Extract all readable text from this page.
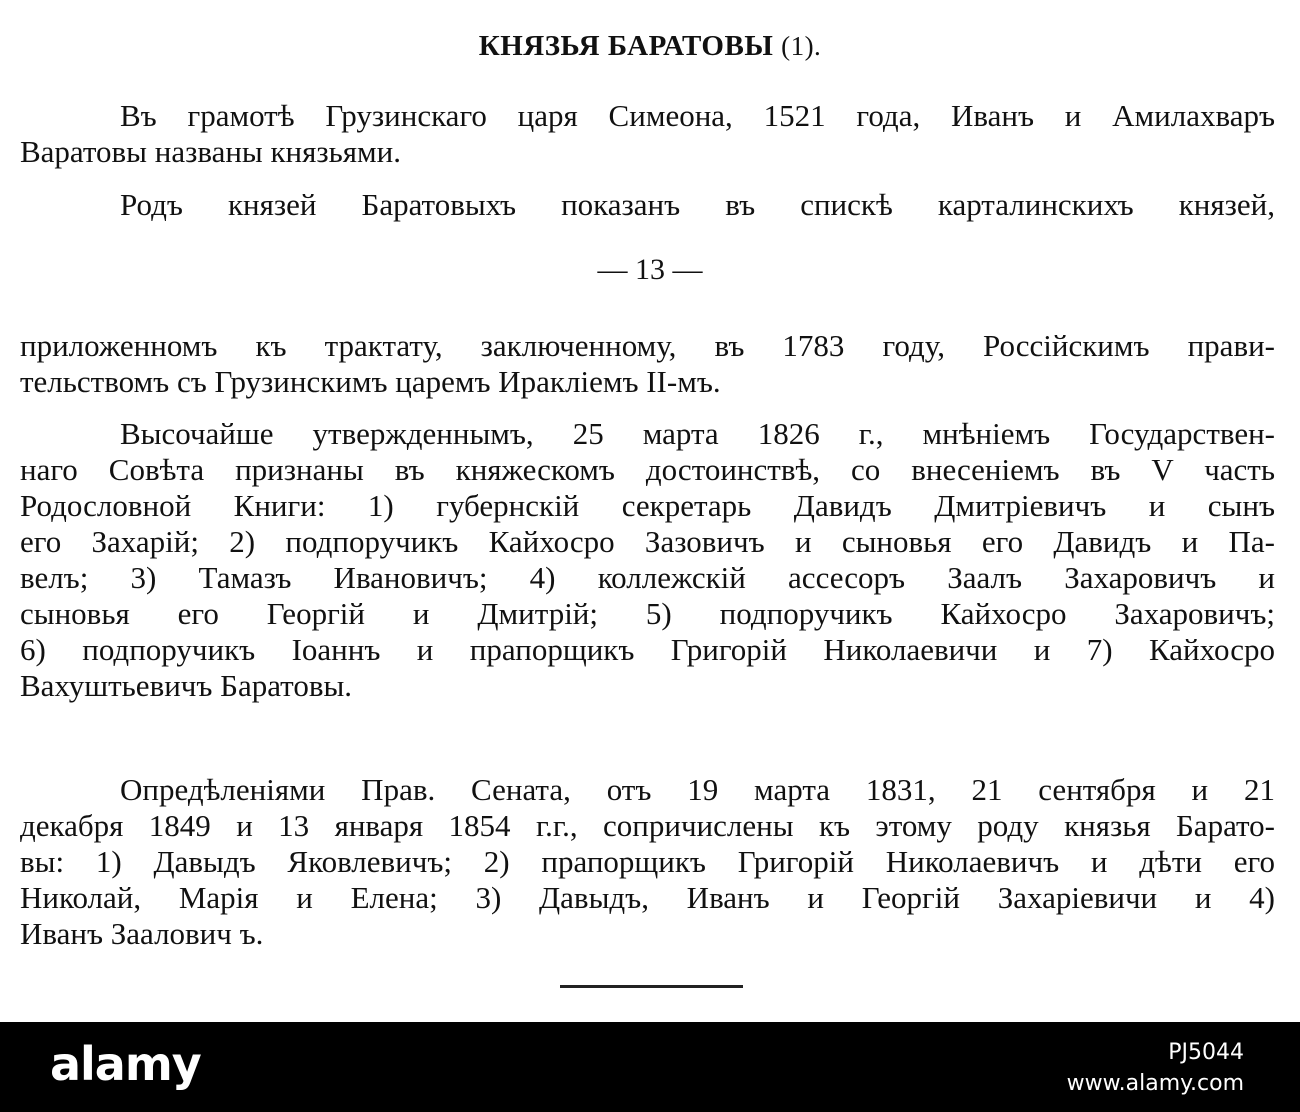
КНЯЗЬЯ БАРАТОВЫ (1).
Въ грамотѣ Грузинскаго царя Симеона, 1521 года, Иванъ и Амилахваръ
Варатовы названы князьями.
Родъ князей Баратовыхъ показанъ въ спискѣ карталинскихъ князей,
— 13 —
приложенномъ къ трактату, заключенному, въ 1783 году, Россійскимъ прави-
тельствомъ съ Грузинскимъ царемъ Иракліемъ II-мъ.
Высочайше утвержденнымъ, 25 марта 1826 г., мнѣніемъ Государствен-
наго Совѣта признаны въ княжескомъ достоинствѣ, со внесеніемъ въ V часть
Родословной Книги: 1) губернскій секретарь Давидъ Дмитріевичъ и сынъ
его Захарій; 2) подпоручикъ Кайхосро Зазовичъ и сыновья его Давидъ и Па-
велъ; 3) Тамазъ Ивановичъ; 4) коллежскій ассесоръ Заалъ Захаровичъ и
сыновья его Георгій и Дмитрій; 5) подпоручикъ Кайхосро Захаровичъ;
6) подпоручикъ Іоаннъ и прапорщикъ Григорій Николаевичи и 7) Кайхосро
Вахуштьевичъ Баратовы.
Опредѣленіями Прав. Сената, отъ 19 марта 1831, 21 сентября и 21
декабря 1849 и 13 января 1854 г.г., сопричислены къ этому роду князья Барато-
вы: 1) Давыдъ Яковлевичъ; 2) прапорщикъ Григорій Николаевичъ и дѣти его
Николай, Марія и Елена; 3) Давыдъ, Иванъ и Георгій Захаріевичи и 4)
Иванъ Заалович ъ.
alamy	PJ5044
www.alamy.com
